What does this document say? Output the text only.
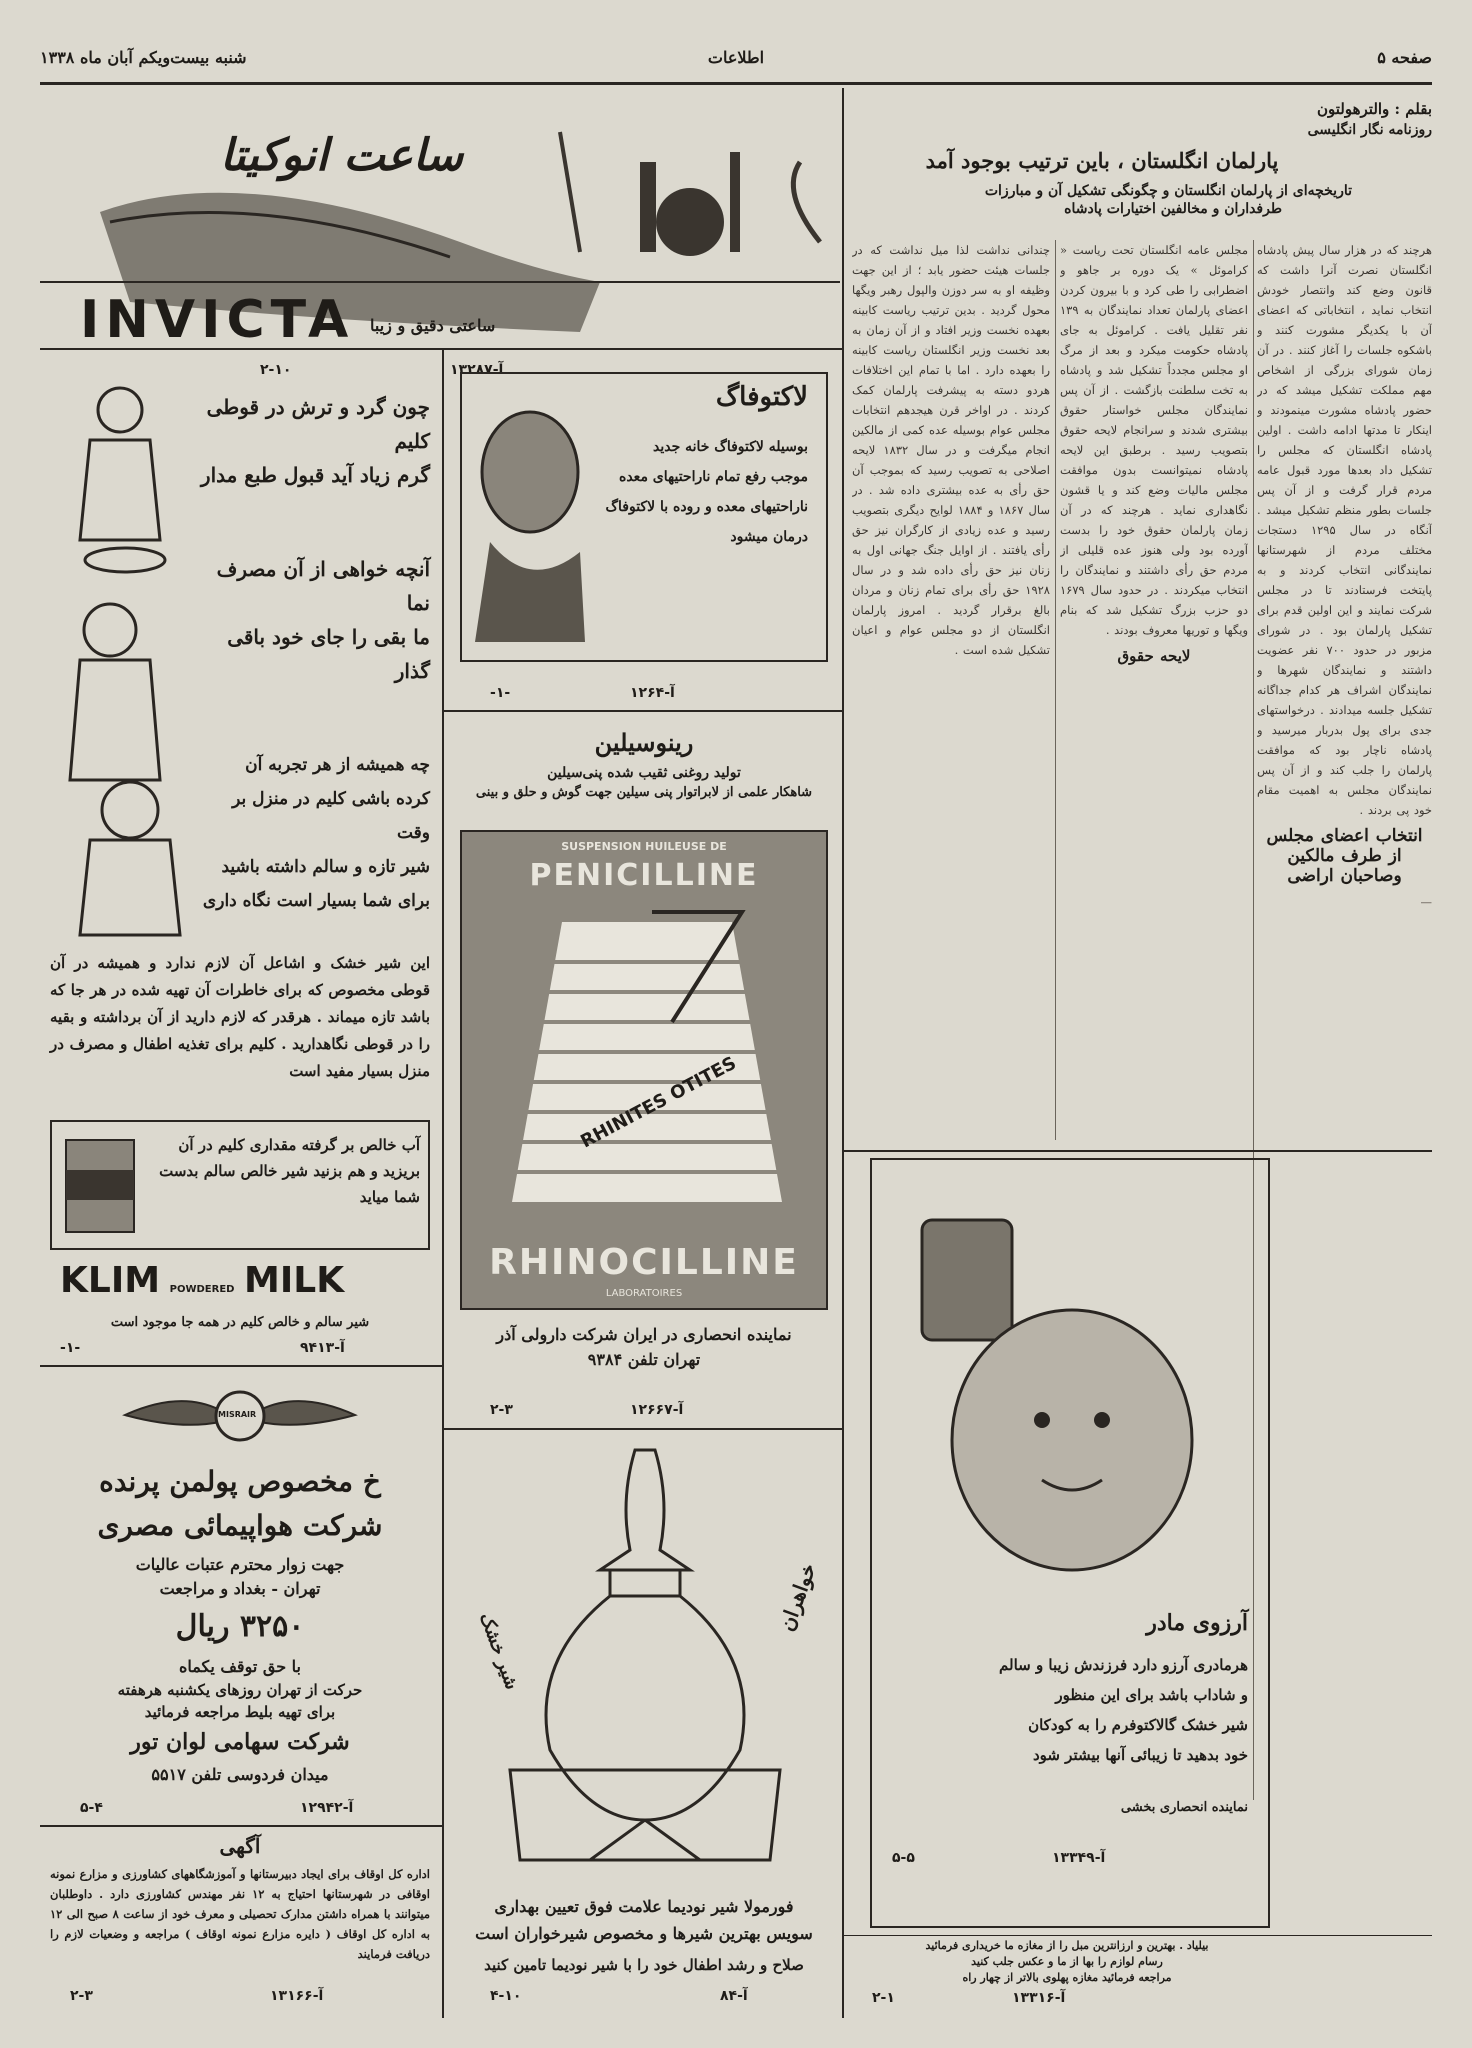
صفحه ۵
اطلاعات
شنبه بیست‌ویکم آبان ماه ۱۳۳۸
بقلم : والترهولتون
روزنامه نگار انگلیسی
پارلمان انگلستان ، باین ترتیب بوجود آمد
تاریخچه‌ای از پارلمان انگلستان و چگونگی تشکیل آن و مبارزات
طرفداران و مخالفین اختیارات پادشاه

هرچند که در هزار سال پیش پادشاه انگلستان نصرت آنرا داشت که قانون وضع کند وانتصار خودش انتخاب نماید ، انتخاباتی که اعضای آن با یکدیگر مشورت کنند و باشکوه جلسات را آغاز کنند . در آن زمان شورای بزرگی از اشخاص مهم مملکت تشکیل میشد که در حضور پادشاه مشورت مینمودند و اینکار تا مدتها ادامه داشت . اولین پادشاه انگلستان که مجلس را تشکیل داد بعدها مورد قبول عامه مردم قرار گرفت و از آن پس جلسات بطور منظم تشکیل میشد . آنگاه در سال ۱۲۹۵ دستجات مختلف مردم از شهرستانها نمایندگانی انتخاب کردند و به پایتخت فرستادند تا در مجلس شرکت نمایند و این اولین قدم برای تشکیل پارلمان بود . در شورای مزبور در حدود ۷۰۰ نفر عضویت داشتند و نمایندگان شهرها و نمایندگان اشراف هر کدام جداگانه تشکیل جلسه میدادند . درخواستهای جدی برای پول بدربار میرسید و پادشاه ناچار بود که موافقت پارلمان را جلب کند و از آن پس نمایندگان مجلس به اهمیت مقام خود پی بردند .

انتخاب اعضای مجلس از طرف مالکین وصاحبان اراضی

—

مجلس عامه انگلستان تحت ریاست « کراموئل » یک دوره بر جاهو و اضطرابی را طی کرد و با بیرون کردن اعضای پارلمان تعداد نمایندگان به ۱۳۹ نفر تقلیل یافت . کراموئل به جای پادشاه حکومت میکرد و بعد از مرگ او مجلس مجدداً تشکیل شد و پادشاه به تخت سلطنت بازگشت . از آن پس نمایندگان مجلس خواستار حقوق بیشتری شدند و سرانجام لایحه حقوق بتصویب رسید . برطبق این لایحه پادشاه نمیتوانست بدون موافقت مجلس مالیات وضع کند و یا قشون نگاهداری نماید . هرچند که در آن زمان پارلمان حقوق خود را بدست آورده بود ولی هنوز عده قلیلی از مردم حق رأی داشتند و نمایندگان را انتخاب میکردند . در حدود سال ۱۶۷۹ دو حزب بزرگ تشکیل شد که بنام ویگها و توریها معروف بودند .

لایحه حقوق

چندانی نداشت لذا میل نداشت که در جلسات هیئت حضور یابد ؛ از این جهت وظیفه او به سر دوزن والپول رهبر ویگها محول گردید . بدین ترتیب ریاست کابینه بعهده نخست وزیر افتاد و از آن زمان به بعد نخست وزیر انگلستان ریاست کابینه را بعهده دارد . اما با تمام این اختلافات هردو دسته به پیشرفت پارلمان کمک کردند . در اواخر قرن هیجدهم انتخابات مجلس عوام بوسیله عده کمی از مالکین انجام میگرفت و در سال ۱۸۳۲ لایحه اصلاحی به تصویب رسید که بموجب آن حق رأی به عده بیشتری داده شد . در سال ۱۸۶۷ و ۱۸۸۴ لوایح دیگری بتصویب رسید و عده زیادی از کارگران نیز حق رأی یافتند . از اوایل جنگ جهانی اول به زنان نیز حق رأی داده شد و در سال ۱۹۲۸ حق رأی برای تمام زنان و مردان بالغ برقرار گردید . امروز پارلمان انگلستان از دو مجلس عوام و اعیان تشکیل شده است .

ساعت انوکیتا
INVICTA ساعتی دقیق و زیبا
آ-۱۳۲۸۷
۲-۱۰
چون گرد و ترش در قوطی کلیم
گرم زیاد آید قبول طبع مدار
آنچه خواهی از آن مصرف نما
ما بقی را جای خود باقی گذار
چه همیشه از هر تجربه آن
کرده باشی کلیم در منزل بر وقت
شیر تازه و سالم داشته باشید
برای شما بسیار است نگاه داری
این شیر خشک و اشاعل آن لازم ندارد و همیشه در آن قوطی مخصوص که برای خاطرات آن تهیه شده در هر جا که باشد تازه میماند . هرقدر که لازم دارید از آن برداشته و بقیه را در قوطی نگاهدارید . کلیم برای تغذیه اطفال و مصرف در منزل بسیار مفید است
آب خالص بر گرفته مقداری کلیم در آن بریزید و هم بزنید شیر خالص سالم بدست شما میاید
KLIM POWDERED MILK
شیر سالم و خالص کلیم در همه جا موجود است
-۱-	آ-۹۴۱۳
لاکتوفاگ
بوسیله لاکتوفاگ خانه جدید
موجب رفع تمام ناراحتیهای معده
ناراحتیهای معده و روده با لاکتوفاگ
درمان میشود
آ-۱۲۶۴
-۱-
رینوسیلین
تولید روغنی ثقیب شده پنی‌سیلین
شاهکار علمی از لابراتوار پنی سیلین جهت گوش و حلق و بینی
SUSPENSION HUILEUSE DE
PENICILLINE
RHINITES OTITES
RHINOCILLINE
LABORATOIRES
نماینده انحصاری در ایران شرکت دارولی آذر
تهران تلفن ۹۳۸۴
آ-۱۲۶۶۷
۲-۳
MISRAIR
خ مخصوص پولمن پرنده
شرکت هواپیمائی مصری
جهت زوار محترم عتبات عالیات
تهران - بغداد و مراجعت
۳۲۵۰ ریال
با حق توقف یکماه
حرکت از تهران روزهای یکشنبه هرهفته
برای تهیه بلیط مراجعه فرمائید
شرکت سهامی لوان تور
میدان فردوسی تلفن ۵۵۱۷
آ-۱۲۹۴۲
۵-۴
آگهی
اداره کل اوقاف برای ایجاد دبیرستانها و آموزشگاههای کشاورزی و مزارع نمونه اوقافی در شهرستانها احتیاج به ۱۲ نفر مهندس کشاورزی دارد . داوطلبان میتوانند با همراه داشتن مدارک تحصیلی و معرف خود از ساعت ۸ صبح الی ۱۲ به اداره کل اوقاف ( دایره مزارع نمونه اوقاف ) مراجعه و وضعیات لازم را دریافت فرمایند
آ-۱۳۱۶۶
۲-۳
خواهران
شیر خشک
فورمولا شیر نودیما علامت فوق تعیین بهداری
سویس بهترین شیرها و مخصوص شیرخواران است
صلاح و رشد اطفال خود را با شیر نودیما تامین کنید
آ-۸۴
۴-۱۰
آرزوی مادر
هرمادری آرزو دارد فرزندش زیبا و سالم
و شاداب باشد برای این منظور
شیر خشک گالاکتوفرم را به کودکان
خود بدهید تا زیبائی آنها بیشتر شود
نماینده انحصاری بخشی
آ-۱۳۳۴۹
۵-۵
بیلیاد . بهترین و ارزانترین مبل را از مغازه ما خریداری فرمائید
رسام لوازم را بها از ما و عکس جلب کنید
مراجعه فرمائید مغازه پهلوی بالاتر از چهار راه
آ-۱۳۳۱۶
۲-۱
